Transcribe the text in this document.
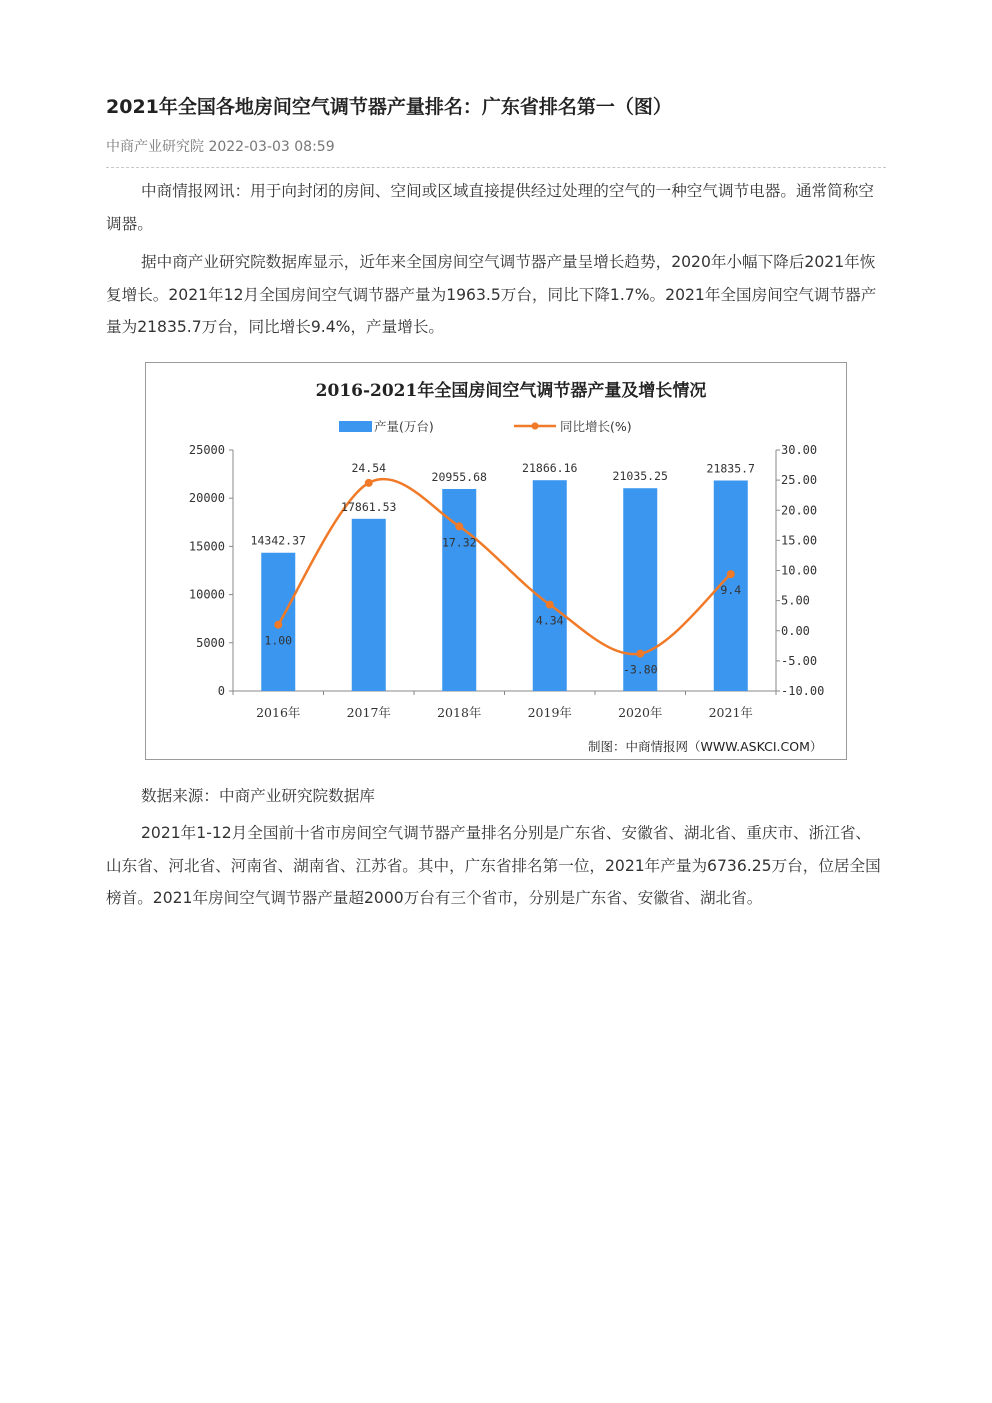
2021年全国各地房间空气调节器产量排名：广东省排名第一（图）
中商产业研究院 2022-03-03 08:59

中商情报网讯：用于向封闭的房间、空间或区域直接提供经过处理的空气的一种空气调节电器。通常简称空调器。

据中商产业研究院数据库显示，近年来全国房间空气调节器产量呈增长趋势，2020年小幅下降后2021年恢复增长。2021年12月全国房间空气调节器产量为1963.5万台，同比下降1.7%。2021年全国房间空气调节器产量为21835.7万台，同比增长9.4%，产量增长。

2016-2021年全国房间空气调节器产量及增长情况
产量(万台)	同比增长(%)
0
5000
10000
15000
20000
25000
-10.00
-5.00
0.00
5.00
10.00
15.00
20.00
25.00
30.00
2016年	2017年	2018年	2019年	2020年	2021年
14342.37
17861.53
20955.68
21866.16
21035.25
21835.7
1.00
24.54
17.32
4.34
-3.80
9.4
制图：中商情报网（WWW.ASKCI.COM）
数据来源：中商产业研究院数据库

2021年1-12月全国前十省市房间空气调节器产量排名分别是广东省、安徽省、湖北省、重庆市、浙江省、山东省、河北省、河南省、湖南省、江苏省。其中，广东省排名第一位，2021年产量为6736.25万台，位居全国榜首。2021年房间空气调节器产量超2000万台有三个省市，分别是广东省、安徽省、湖北省。
